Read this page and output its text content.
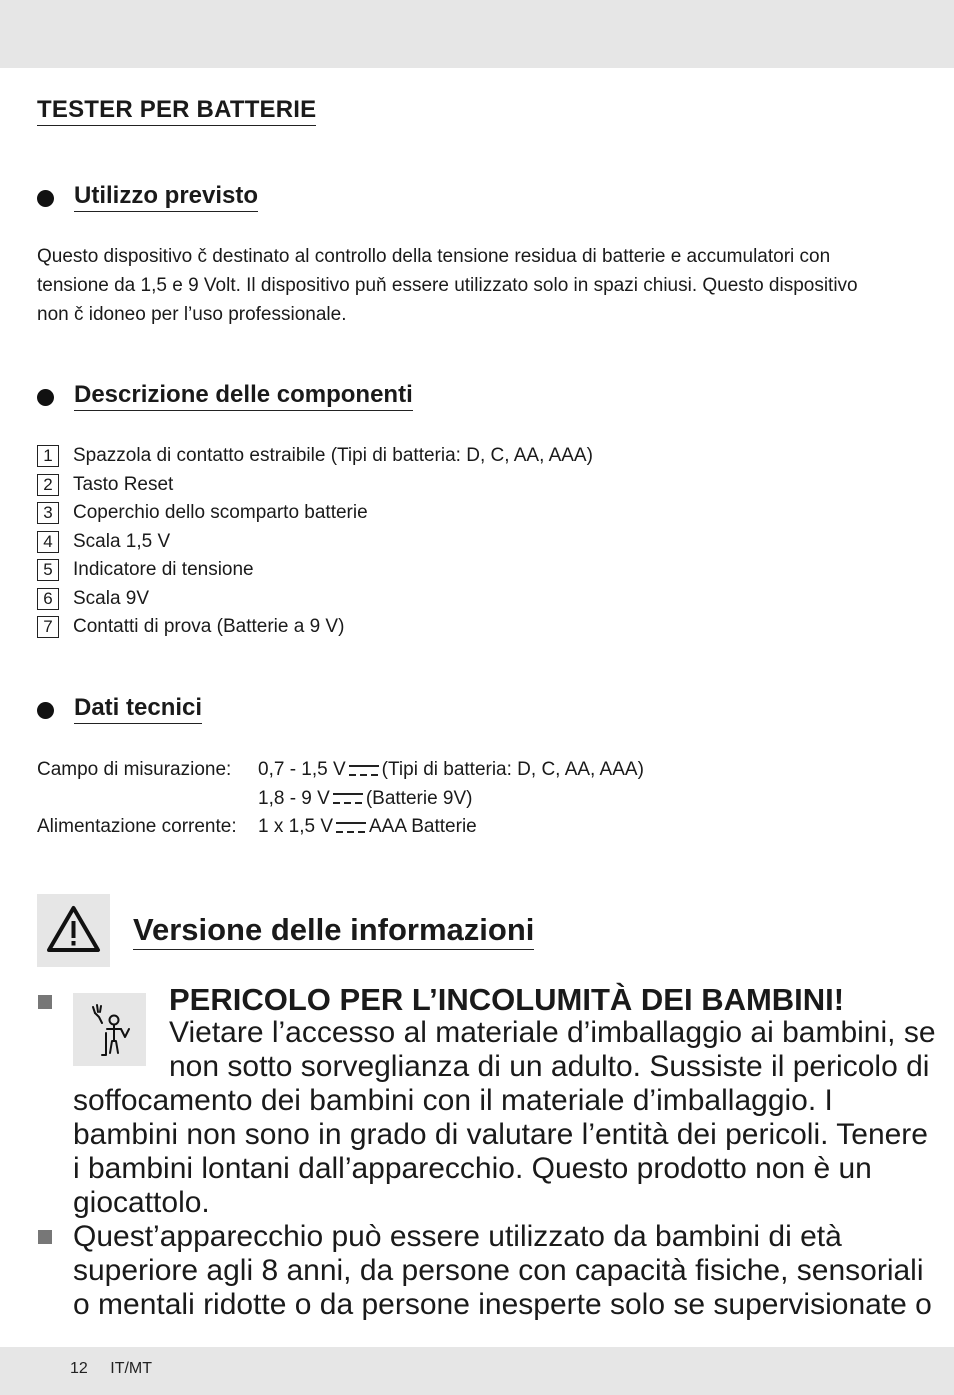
TESTER PER BATTERIE
Utilizzo previsto

Questo dispositivo č destinato al controllo della tensione residua di batterie e accumulatori con
tensione da 1,5 e 9 Volt. Il dispositivo puň essere utilizzato solo in spazi chiusi. Questo dispositivo
non č idoneo per l’uso professionale.

Descrizione delle componenti
1	Spazzola di contatto estraibile (Tipi di batteria: D, C, AA, AAA)
2	Tasto Reset
3	Coperchio dello scomparto batterie
4	Scala 1,5 V
5	Indicatore di tensione
6	Scala 9V
7	Contatti di prova (Batterie a 9 V)
Dati tecnici
Campo di misurazione:	0,7 - 1,5 V (Tipi di batteria: D, C, AA, AAA)
1,8 - 9 V (Batterie 9V)
Alimentazione corrente:	1 x 1,5 V AAA Batterie
Versione delle informazioni
PERICOLO PER L’INCOLUMITÀ DEI BAMBINI!

Vietare l’accesso al materiale d’imballaggio ai bambini, se

non sotto sorveglianza di un adulto. Sussiste il pericolo di

soffocamento dei bambini con il materiale d’imballaggio. I

bambini non sono in grado di valutare l’entità dei pericoli. Tenere

i bambini lontani dall’apparecchio. Questo prodotto non è un

giocattolo.

Quest’apparecchio può essere utilizzato da bambini di età

superiore agli 8 anni, da persone con capacità fisiche, sensoriali

o mentali ridotte o da persone inesperte solo se supervisionate o

12 IT/MT
